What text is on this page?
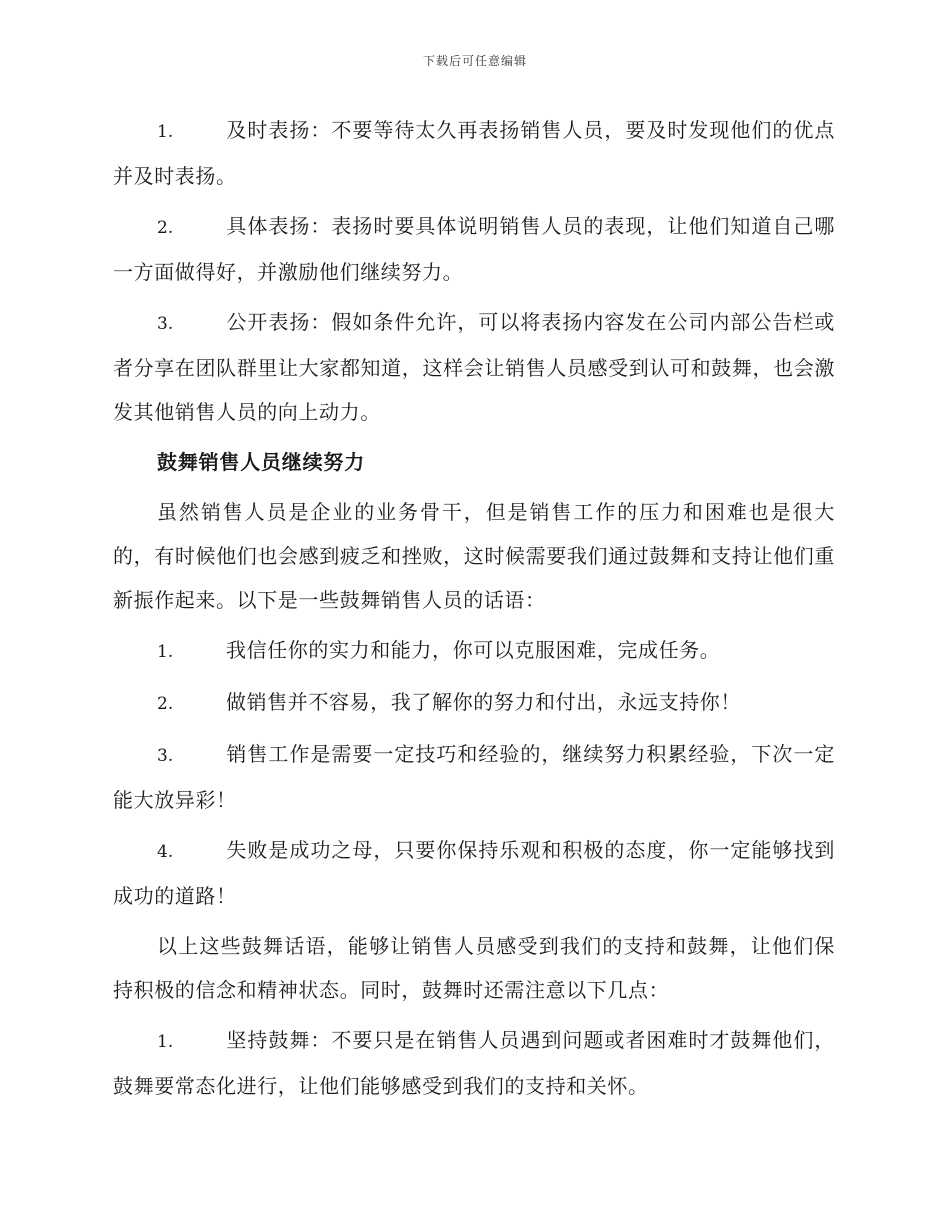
下载后可任意编辑

1.	及时表扬：不要等待太久再表扬销售人员，要及时发现他们的优点并及时表扬。

2.	具体表扬：表扬时要具体说明销售人员的表现，让他们知道自己哪一方面做得好，并激励他们继续努力。

3.	公开表扬：假如条件允许，可以将表扬内容发在公司内部公告栏或者分享在团队群里让大家都知道，这样会让销售人员感受到认可和鼓舞，也会激发其他销售人员的向上动力。

鼓舞销售人员继续努力

虽然销售人员是企业的业务骨干，但是销售工作的压力和困难也是很大的，有时候他们也会感到疲乏和挫败，这时候需要我们通过鼓舞和支持让他们重新振作起来。以下是一些鼓舞销售人员的话语：

1.	我信任你的实力和能力，你可以克服困难，完成任务。

2.	做销售并不容易，我了解你的努力和付出，永远支持你！

3.	销售工作是需要一定技巧和经验的，继续努力积累经验，下次一定能大放异彩！

4.	失败是成功之母，只要你保持乐观和积极的态度，你一定能够找到成功的道路！

以上这些鼓舞话语，能够让销售人员感受到我们的支持和鼓舞，让他们保持积极的信念和精神状态。同时，鼓舞时还需注意以下几点：

1.	坚持鼓舞：不要只是在销售人员遇到问题或者困难时才鼓舞他们，鼓舞要常态化进行，让他们能够感受到我们的支持和关怀。
